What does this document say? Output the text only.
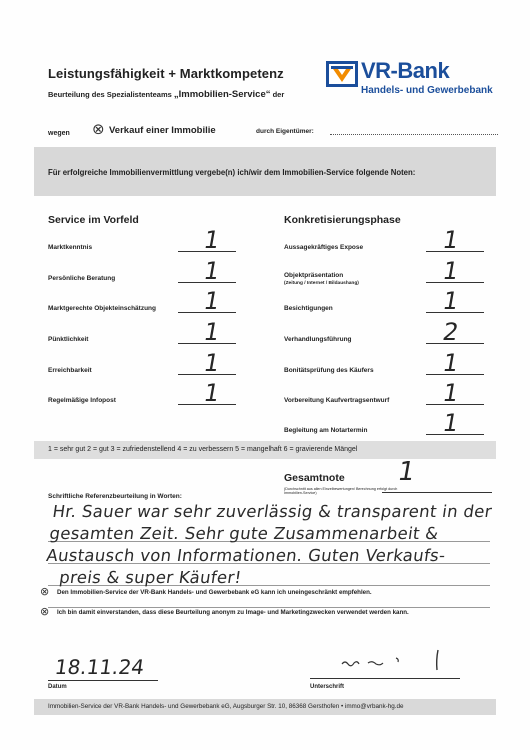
Leistungsfähigkeit + Marktkompetenz
Beurteilung des Spezialistenteams „Immobilien-Service“ der
VR-Bank
Handels- und Gewerbebank
wegen ⊗ Verkauf einer Immobilie	durch Eigentümer:
Für erfolgreiche Immobilienvermittlung vergebe(n) ich/wir dem Immobilien-Service folgende Noten:
Service im Vorfeld
Marktkenntnis	1
Persönliche Beratung	1
Marktgerechte Objekteinschätzung 1
Pünktlichkeit	1
Erreichbarkeit	1
Regelmäßige Infopost	1
Konkretisierungsphase
Aussagekräftiges Expose	1
Objektpräsentation
(Zeitung / Internet / Bildaushang)	1
Besichtigungen	1
Verhandlungsführung	2
Bonitätsprüfung des Käufers	1
Vorbereitung Kaufvertragsentwurf 1
Begleitung am Notartermin	1
1 = sehr gut 2 = gut 3 = zufriedenstellend 4 = zu verbessern 5 = mangelhaft 6 = gravierende Mängel
Gesamtnote
(Durchschnitt aus allen Einzelbewertungen/ Berechnung erfolgt durch Immobilien-Service)
1
Schriftliche Referenzbeurteilung in Worten:
Hr. Sauer war sehr zuverlässig & transparent in der
gesamten Zeit. Sehr gute Zusammenarbeit &
Austausch von Informationen. Guten Verkaufs-
preis & super Käufer!
⊗ Den Immobilien-Service der VR-Bank Handels- und Gewerbebank eG kann ich uneingeschränkt empfehlen.
⊗ Ich bin damit einverstanden, dass diese Beurteilung anonym zu Image- und Marketingzwecken verwendet werden kann.
18.11.24
Datum	Unterschrift
Immobilien-Service der VR-Bank Handels- und Gewerbebank eG, Augsburger Str. 10, 86368 Gersthofen • immo@vrbank-hg.de
